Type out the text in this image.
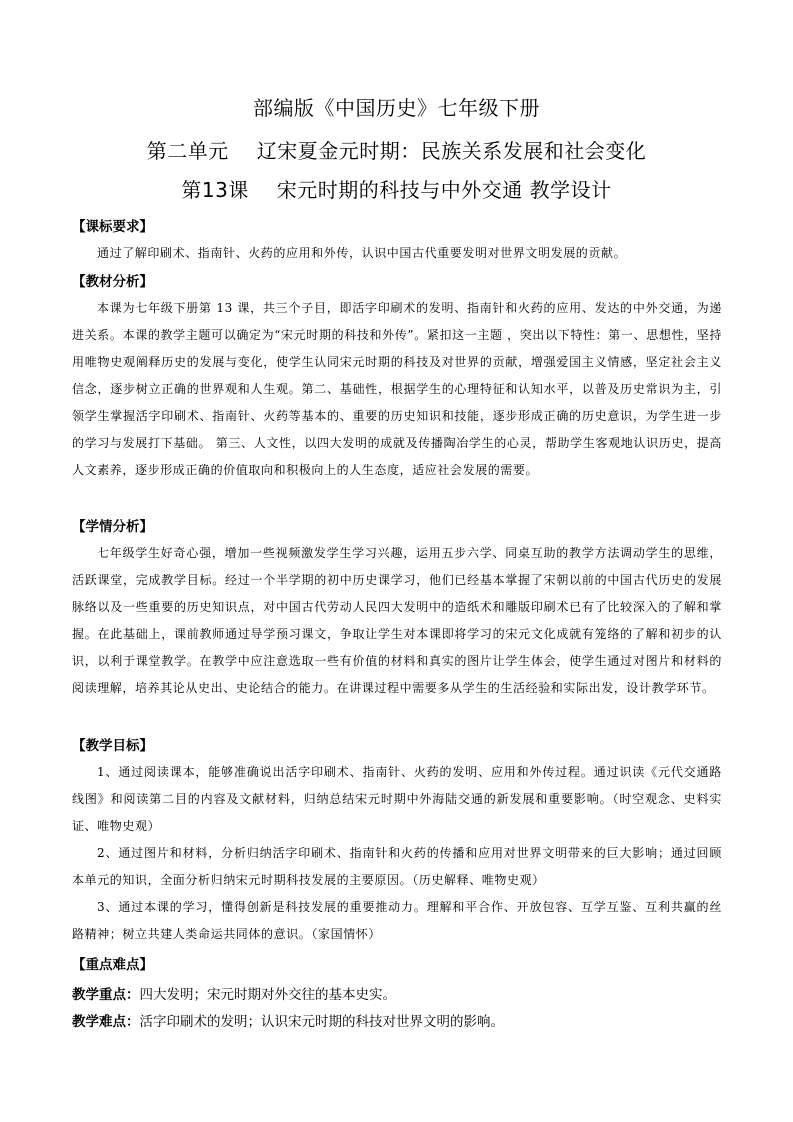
部编版《中国历史》七年级下册
第二单元 辽宋夏金元时期：民族关系发展和社会变化
第13课 宋元时期的科技与中外交通 教学设计
【课标要求】
通过了解印刷术、指南针、火药的应用和外传，认识中国古代重要发明对世界文明发展的贡献。
【教材分析】
本课为七年级下册第 13 课，共三个子目，即活字印刷术的发明、指南针和火药的应用、发达的中外交通，为递进关系。本课的教学主题可以确定为“宋元时期的科技和外传”。紧扣这一主题 ，突出以下特性：第一、思想性，坚持用唯物史观阐释历史的发展与变化，使学生认同宋元时期的科技及对世界的贡献，增强爱国主义情感，坚定社会主义信念，逐步树立正确的世界观和人生观。第二、基础性，根据学生的心理特征和认知水平，以普及历史常识为主，引领学生掌握活字印刷术、指南针、火药等基本的、重要的历史知识和技能，逐步形成正确的历史意识，为学生进一步的学习与发展打下基础。 第三、人文性，以四大发明的成就及传播陶冶学生的心灵，帮助学生客观地认识历史，提高人文素养，逐步形成正确的价值取向和积极向上的人生态度，适应社会发展的需要。
【学情分析】
七年级学生好奇心强，增加一些视频激发学生学习兴趣，运用五步六学、同桌互助的教学方法调动学生的思维，活跃课堂，完成教学目标。经过一个半学期的初中历史课学习，他们已经基本掌握了宋朝以前的中国古代历史的发展脉络以及一些重要的历史知识点，对中国古代劳动人民四大发明中的造纸术和雕版印刷术已有了比较深入的了解和掌握。在此基础上，课前教师通过导学预习课文，争取让学生对本课即将学习的宋元文化成就有笼络的了解和初步的认识，以利于课堂教学。在教学中应注意选取一些有价值的材料和真实的图片让学生体会，使学生通过对图片和材料的阅读理解，培养其论从史出、史论结合的能力。在讲课过程中需要多从学生的生活经验和实际出发，设计教学环节。
【教学目标】
1、通过阅读课本，能够准确说出活字印刷术、指南针、火药的发明、应用和外传过程。通过识读《元代交通路线图》和阅读第二目的内容及文献材料，归纳总结宋元时期中外海陆交通的新发展和重要影响。（时空观念、史料实证、唯物史观）
2、通过图片和材料，分析归纳活字印刷术、指南针和火药的传播和应用对世界文明带来的巨大影响；通过回顾本单元的知识，全面分析归纳宋元时期科技发展的主要原因。（历史解释、唯物史观）
3、通过本课的学习，懂得创新是科技发展的重要推动力。理解和平合作、开放包容、互学互鉴、互利共赢的丝路精神；树立共建人类命运共同体的意识。（家国情怀）
【重点难点】
教学重点：四大发明；宋元时期对外交往的基本史实。
教学难点：活字印刷术的发明；认识宋元时期的科技对世界文明的影响。
